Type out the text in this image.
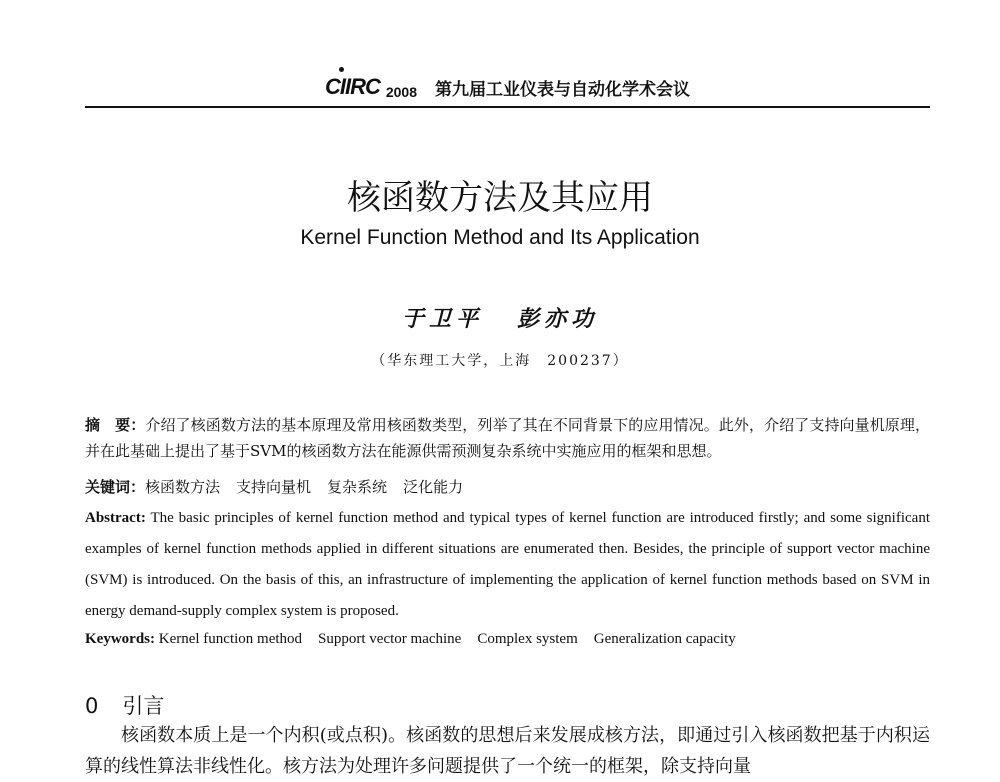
CIIRC 2008 第九届工业仪表与自动化学术会议
核函数方法及其应用
Kernel Function Method and Its Application
于卫平 彭亦功
（华东理工大学，上海　200237）
摘　要：介绍了核函数方法的基本原理及常用核函数类型，列举了其在不同背景下的应用情况。此外，介绍了支持向量机原理，并在此基础上提出了基于SVM的核函数方法在能源供需预测复杂系统中实施应用的框架和思想。
关键词：核函数方法 支持向量机 复杂系统 泛化能力
Abstract: The basic principles of kernel function method and typical types of kernel function are introduced firstly; and some significant examples of kernel function methods applied in different situations are enumerated then. Besides, the principle of support vector machine (SVM) is introduced. On the basis of this, an infrastructure of implementing the application of kernel function methods based on SVM in energy demand-supply complex system is proposed.
Keywords: Kernel function method Support vector machine Complex system Generalization capacity
0 引言
核函数本质上是一个内积(或点积)。核函数的思想后来发展成核方法，即通过引入核函数把基于内积运算的线性算法非线性化。核方法为处理许多问题提供了一个统一的框架，除支持向量
